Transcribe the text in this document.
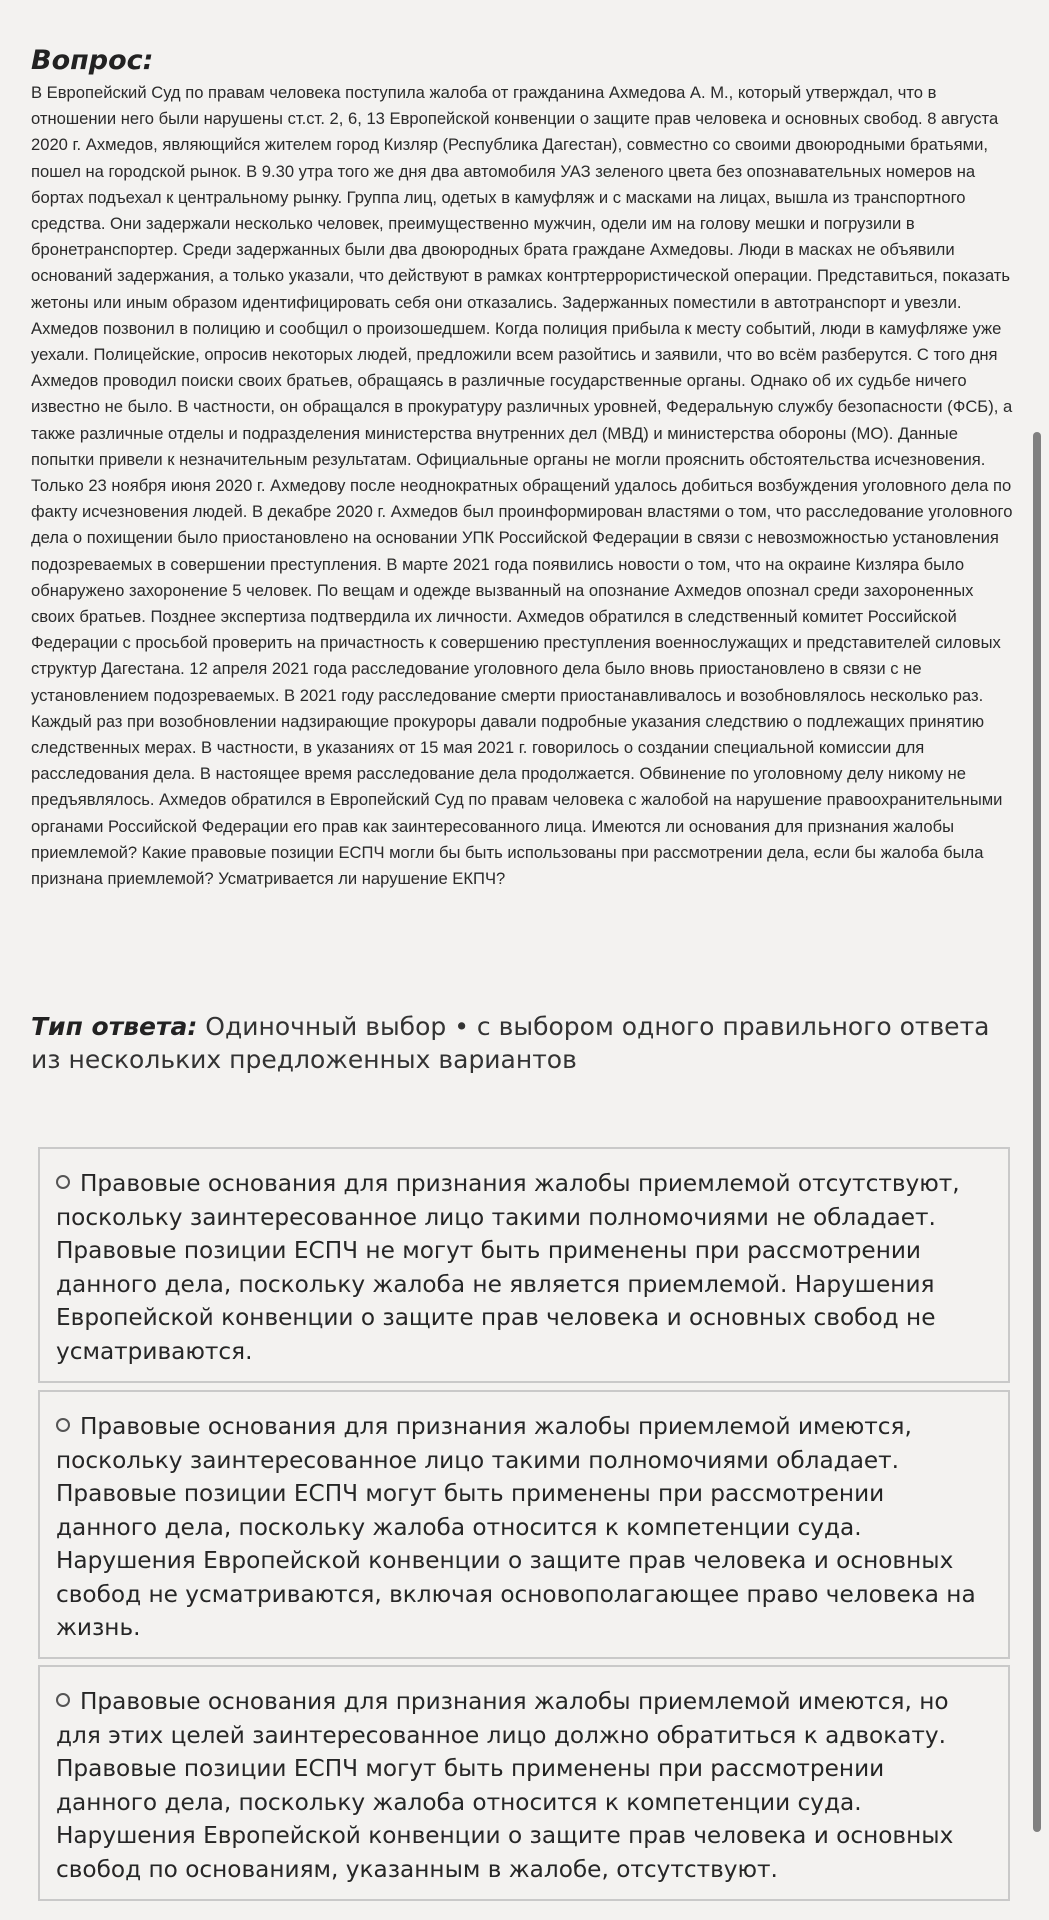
Вопрос:

В Европейский Суд по правам человека поступила жалоба от гражданина Ахмедова А. М., который утверждал, что в отношении него были нарушены ст.ст. 2, 6, 13 Европейской конвенции о защите прав человека и основных свобод. 8 августа 2020 г. Ахмедов, являющийся жителем город Кизляр (Республика Дагестан), совместно со своими двоюродными братьями, пошел на городской рынок. В 9.30 утра того же дня два автомобиля УАЗ зеленого цвета без опознавательных номеров на бортах подъехал к центральному рынку. Группа лиц, одетых в камуфляж и с масками на лицах, вышла из транспортного средства. Они задержали несколько человек, преимущественно мужчин, одели им на голову мешки и погрузили в бронетранспортер. Среди задержанных были два двоюродных брата граждане Ахмедовы. Люди в масках не объявили оснований задержания, а только указали, что действуют в рамках контртеррористической операции. Представиться, показать жетоны или иным образом идентифицировать себя они отказались. Задержанных поместили в автотранспорт и увезли. Ахмедов позвонил в полицию и сообщил о произошедшем. Когда полиция прибыла к месту событий, люди в камуфляже уже уехали. Полицейские, опросив некоторых людей, предложили всем разойтись и заявили, что во всём разберутся. С того дня Ахмедов проводил поиски своих братьев, обращаясь в различные государственные органы. Однако об их судьбе ничего известно не было. В частности, он обращался в прокуратуру различных уровней, Федеральную службу безопасности (ФСБ), а также различные отделы и подразделения министерства внутренних дел (МВД) и министерства обороны (МО). Данные попытки привели к незначительным результатам. Официальные органы не могли прояснить обстоятельства исчезновения. Только 23 ноября июня 2020 г. Ахмедову после неоднократных обращений удалось добиться возбуждения уголовного дела по факту исчезновения людей. В декабре 2020 г. Ахмедов был проинформирован властями о том, что расследование уголовного дела о похищении было приостановлено на основании УПК Российской Федерации в связи с невозможностью установления подозреваемых в совершении преступления. В марте 2021 года появились новости о том, что на окраине Кизляра было обнаружено захоронение 5 человек. По вещам и одежде вызванный на опознание Ахмедов опознал среди захороненных своих братьев. Позднее экспертиза подтвердила их личности. Ахмедов обратился в следственный комитет Российской Федерации с просьбой проверить на причастность к совершению преступления военнослужащих и представителей силовых структур Дагестана. 12 апреля 2021 года расследование уголовного дела было вновь приостановлено в связи с не установлением подозреваемых. В 2021 году расследование смерти приостанавливалось и возобновлялось несколько раз. Каждый раз при возобновлении надзирающие прокуроры давали подробные указания следствию о подлежащих принятию следственных мерах. В частности, в указаниях от 15 мая 2021 г. говорилось о создании специальной комиссии для расследования дела. В настоящее время расследование дела продолжается. Обвинение по уголовному делу никому не предъявлялось. Ахмедов обратился в Европейский Суд по правам человека с жалобой на нарушение правоохранительными органами Российской Федерации его прав как заинтересованного лица. Имеются ли основания для признания жалобы приемлемой? Какие правовые позиции ЕСПЧ могли бы быть использованы при рассмотрении дела, если бы жалоба была признана приемлемой? Усматривается ли нарушение ЕКПЧ?

Тип ответа: Одиночный выбор • с выбором одного правильного ответа из нескольких предложенных вариантов
Правовые основания для признания жалобы приемлемой отсутствуют, поскольку заинтересованное лицо такими полномочиями не обладает. Правовые позиции ЕСПЧ не могут быть применены при рассмотрении данного дела, поскольку жалоба не является приемлемой. Нарушения Европейской конвенции о защите прав человека и основных свобод не усматриваются.
Правовые основания для признания жалобы приемлемой имеются, поскольку заинтересованное лицо такими полномочиями обладает. Правовые позиции ЕСПЧ могут быть применены при рассмотрении данного дела, поскольку жалоба относится к компетенции суда. Нарушения Европейской конвенции о защите прав человека и основных свобод не усматриваются, включая основополагающее право человека на жизнь.
Правовые основания для признания жалобы приемлемой имеются, но для этих целей заинтересованное лицо должно обратиться к адвокату. Правовые позиции ЕСПЧ могут быть применены при рассмотрении данного дела, поскольку жалоба относится к компетенции суда. Нарушения Европейской конвенции о защите прав человека и основных свобод по основаниям, указанным в жалобе, отсутствуют.
